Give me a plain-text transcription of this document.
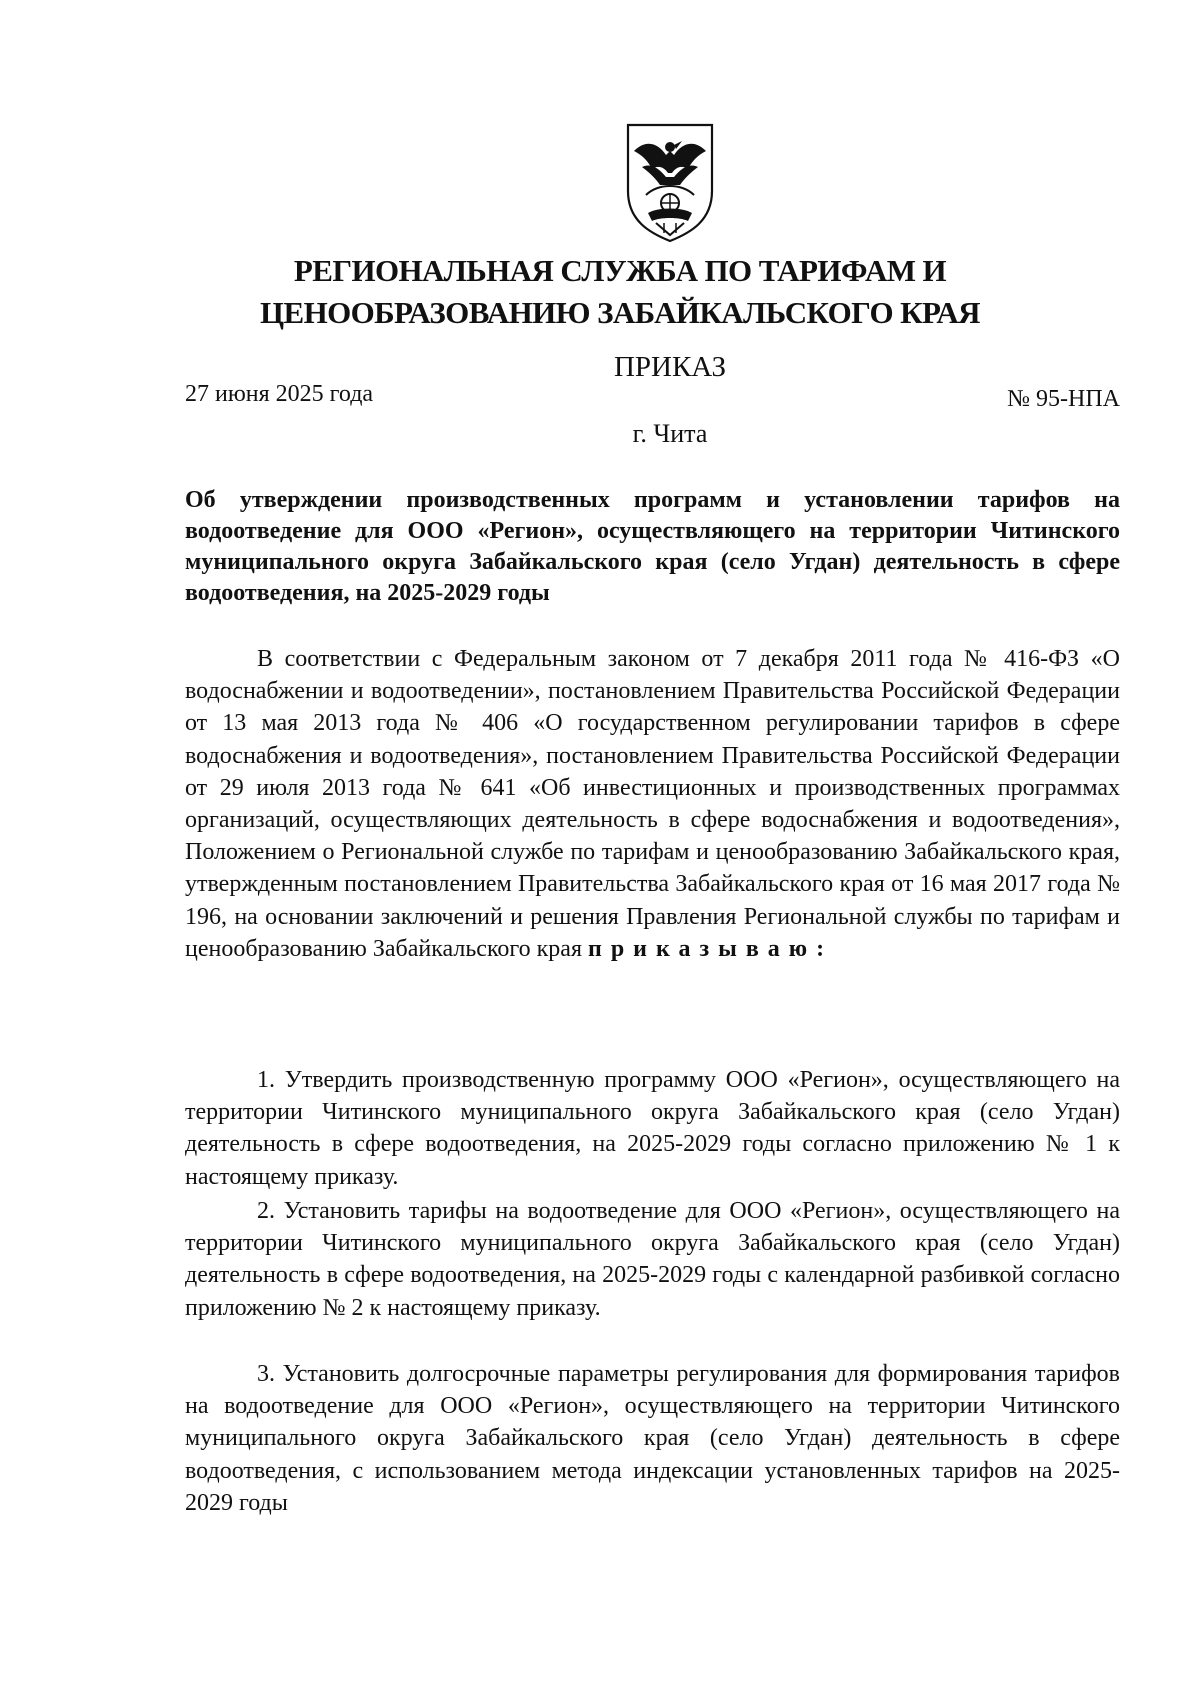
РЕГИОНАЛЬНАЯ СЛУЖБА ПО ТАРИФАМ И
ЦЕНООБРАЗОВАНИЮ ЗАБАЙКАЛЬСКОГО КРАЯ
ПРИКАЗ
27 июня 2025 года	№ 95-НПА
г. Чита

Об утверждении производственных программ и установлении тарифов на водоотведение для ООО «Регион», осуществляющего на территории Читинского муниципального округа Забайкальского края (село Угдан) деятельность в сфере водоотведения, на 2025-2029 годы

В соответствии с Федеральным законом от 7 декабря 2011 года № 416-ФЗ «О водоснабжении и водоотведении», постановлением Правительства Российской Федерации от 13 мая 2013 года № 406 «О государственном регулировании тарифов в сфере водоснабжения и водоотведения», постановлением Правительства Российской Федерации от 29 июля 2013 года № 641 «Об инвестиционных и производственных программах организаций, осуществляющих деятельность в сфере водоснабжения и водоотведения», Положением о Региональной службе по тарифам и ценообразованию Забайкальского края, утвержденным постановлением Правительства Забайкальского края от 16 мая 2017 года № 196, на основании заключений и решения Правления Региональной службы по тарифам и ценообразованию Забайкальского края приказываю:

1. Утвердить производственную программу ООО «Регион», осуществляющего на территории Читинского муниципального округа Забайкальского края (село Угдан) деятельность в сфере водоотведения, на 2025-2029 годы согласно приложению № 1 к настоящему приказу.

2. Установить тарифы на водоотведение для ООО «Регион», осуществляющего на территории Читинского муниципального округа Забайкальского края (село Угдан) деятельность в сфере водоотведения, на 2025-2029 годы с календарной разбивкой согласно приложению № 2 к настоящему приказу.

3. Установить долгосрочные параметры регулирования для формирования тарифов на водоотведение для ООО «Регион», осуществляющего на территории Читинского муниципального округа Забайкальского края (село Угдан) деятельность в сфере водоотведения, с использованием метода индексации установленных тарифов на 2025-2029 годы
